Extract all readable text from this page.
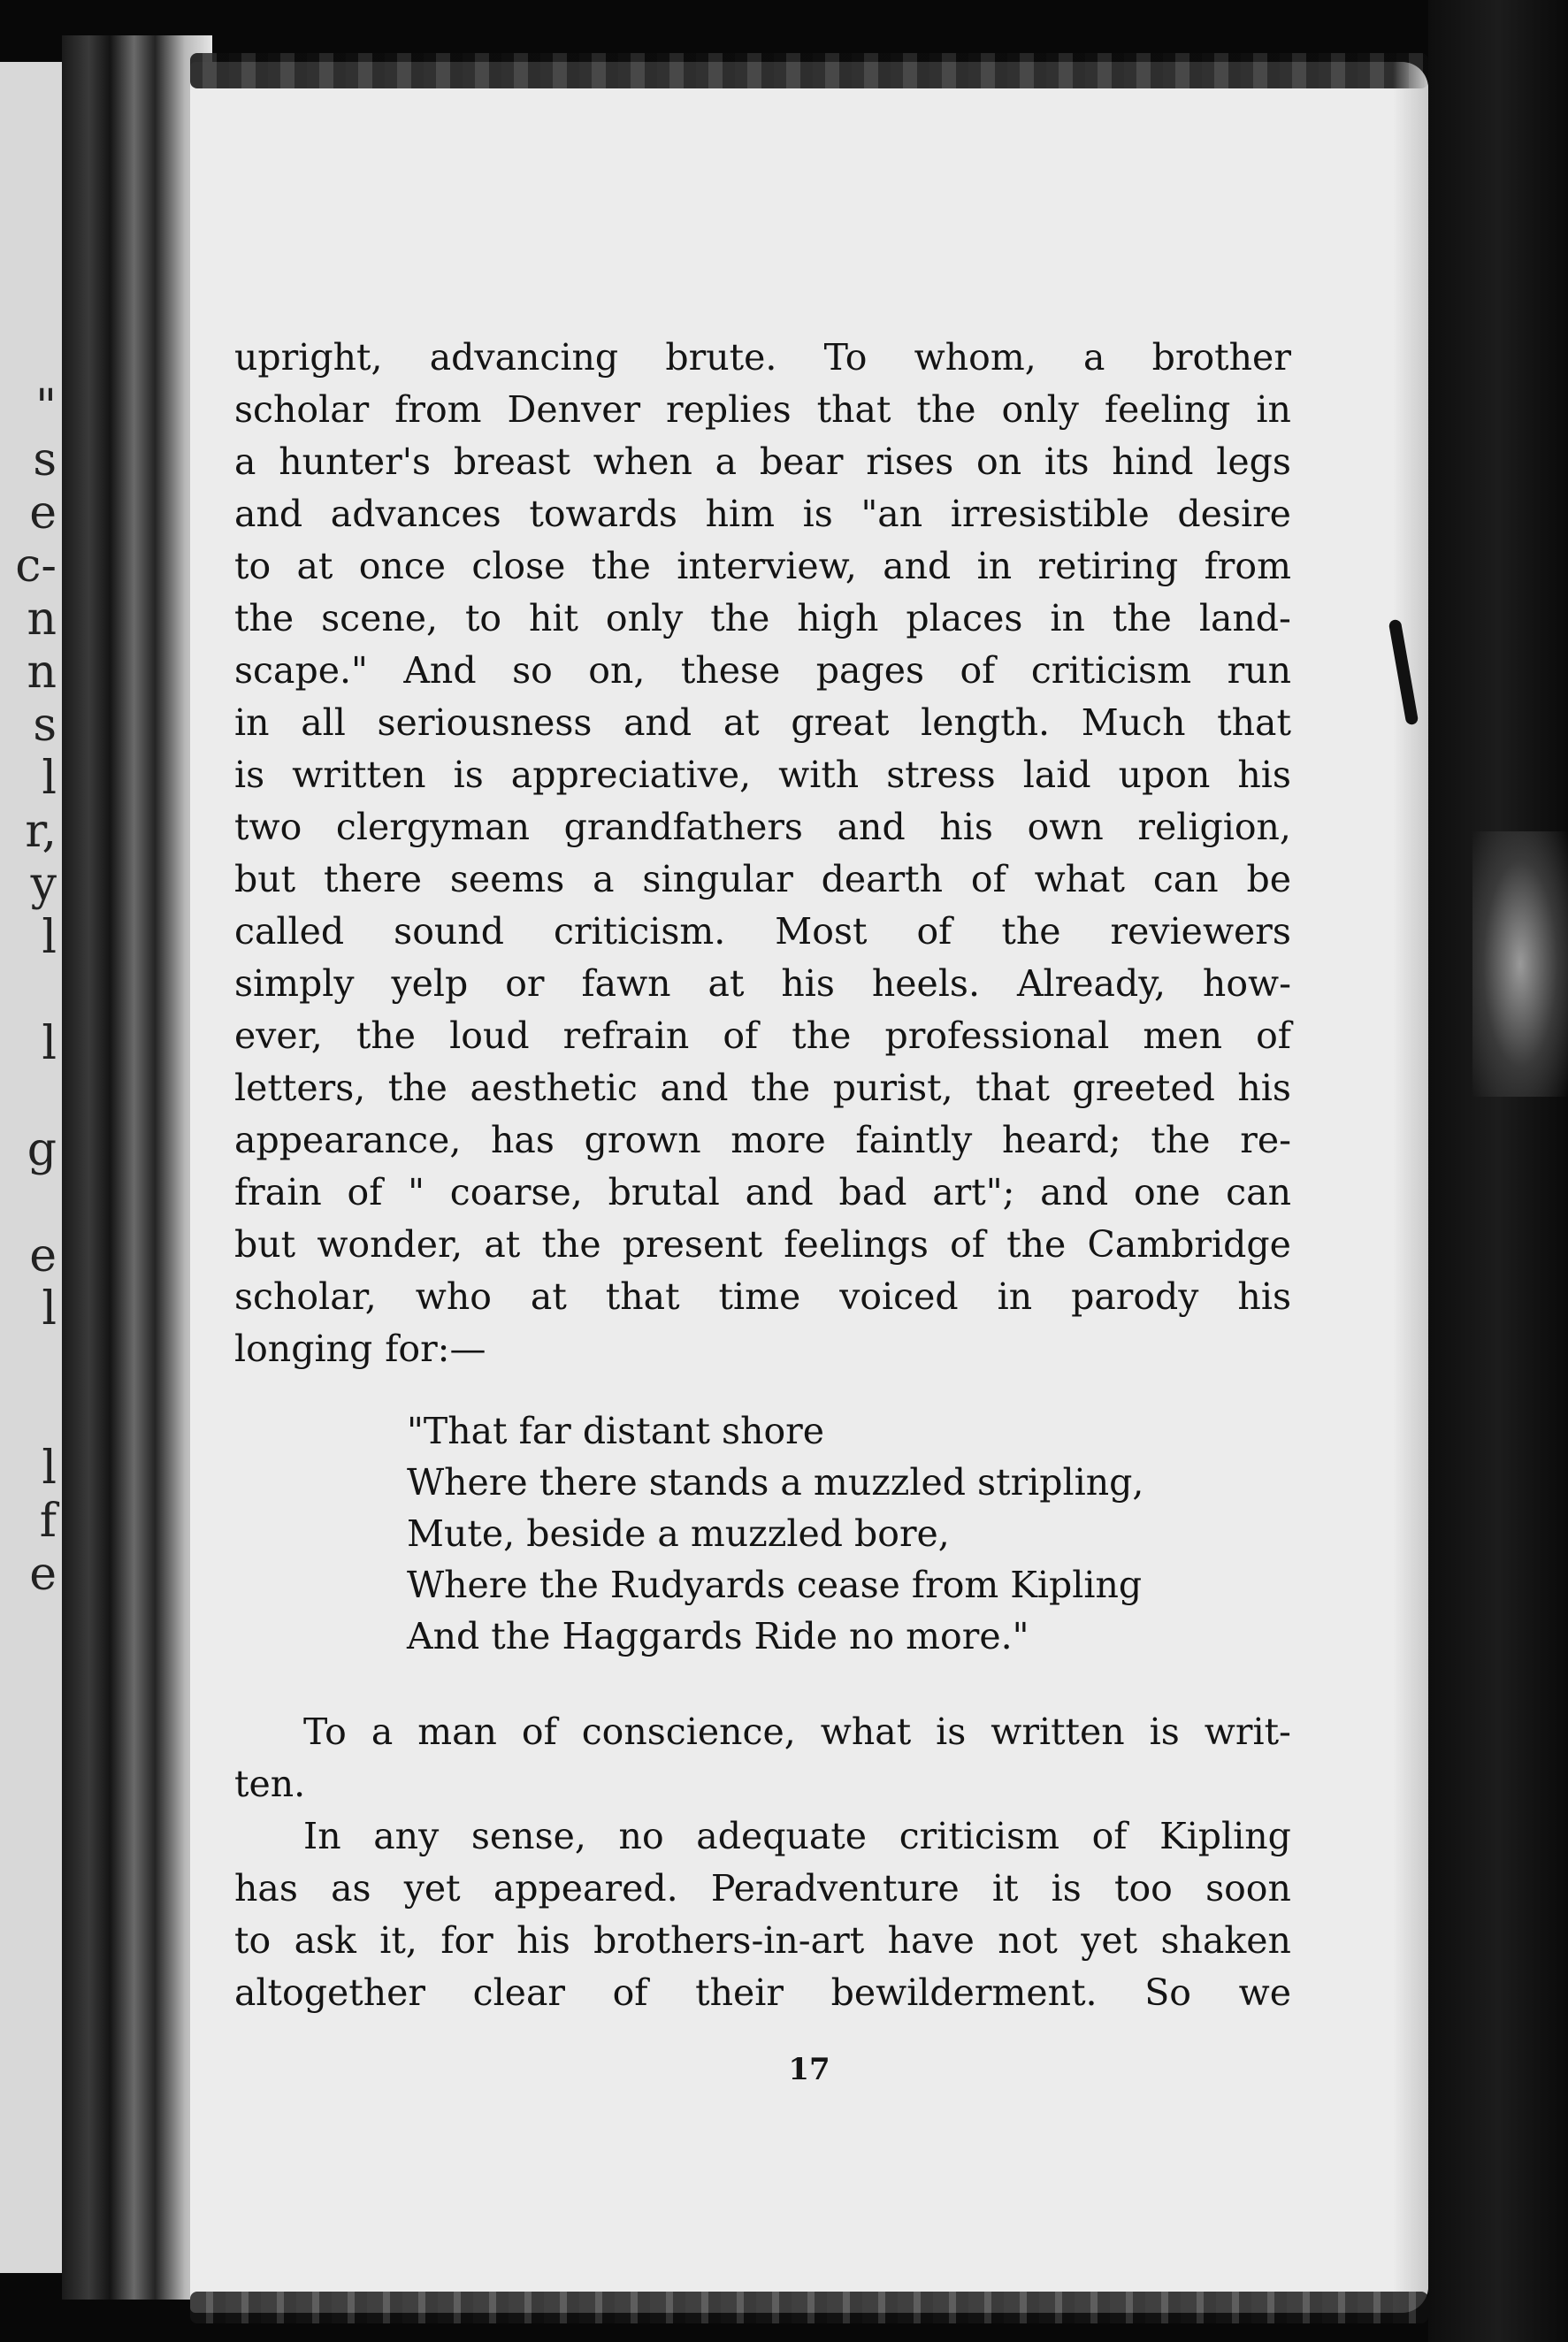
"
s
e
c-
n
n
s
l
r,
y
l
l
g
e
l
l
f
e
upright, advancing brute. To whom, a brother
scholar from Denver replies that the only feeling in
a hunter's breast when a bear rises on its hind legs
and advances towards him is "an irresistible desire
to at once close the interview, and in retiring from
the scene, to hit only the high places in the land-
scape." And so on, these pages of criticism run
in all seriousness and at great length. Much that
is written is appreciative, with stress laid upon his
two clergyman grandfathers and his own religion,
but there seems a singular dearth of what can be
called sound criticism. Most of the reviewers
simply yelp or fawn at his heels. Already, how-
ever, the loud refrain of the professional men of
letters, the aesthetic and the purist, that greeted his
appearance, has grown more faintly heard; the re-
frain of " coarse, brutal and bad art"; and one can
but wonder, at the present feelings of the Cambridge
scholar, who at that time voiced in parody his
longing for:—
"That far distant shore
Where there stands a muzzled stripling,
Mute, beside a muzzled bore,
Where the Rudyards cease from Kipling
And the Haggards Ride no more."
To a man of conscience, what is written is writ-
ten.
In any sense, no adequate criticism of Kipling
has as yet appeared. Peradventure it is too soon
to ask it, for his brothers-in-art have not yet shaken
altogether clear of their bewilderment. So we
17
